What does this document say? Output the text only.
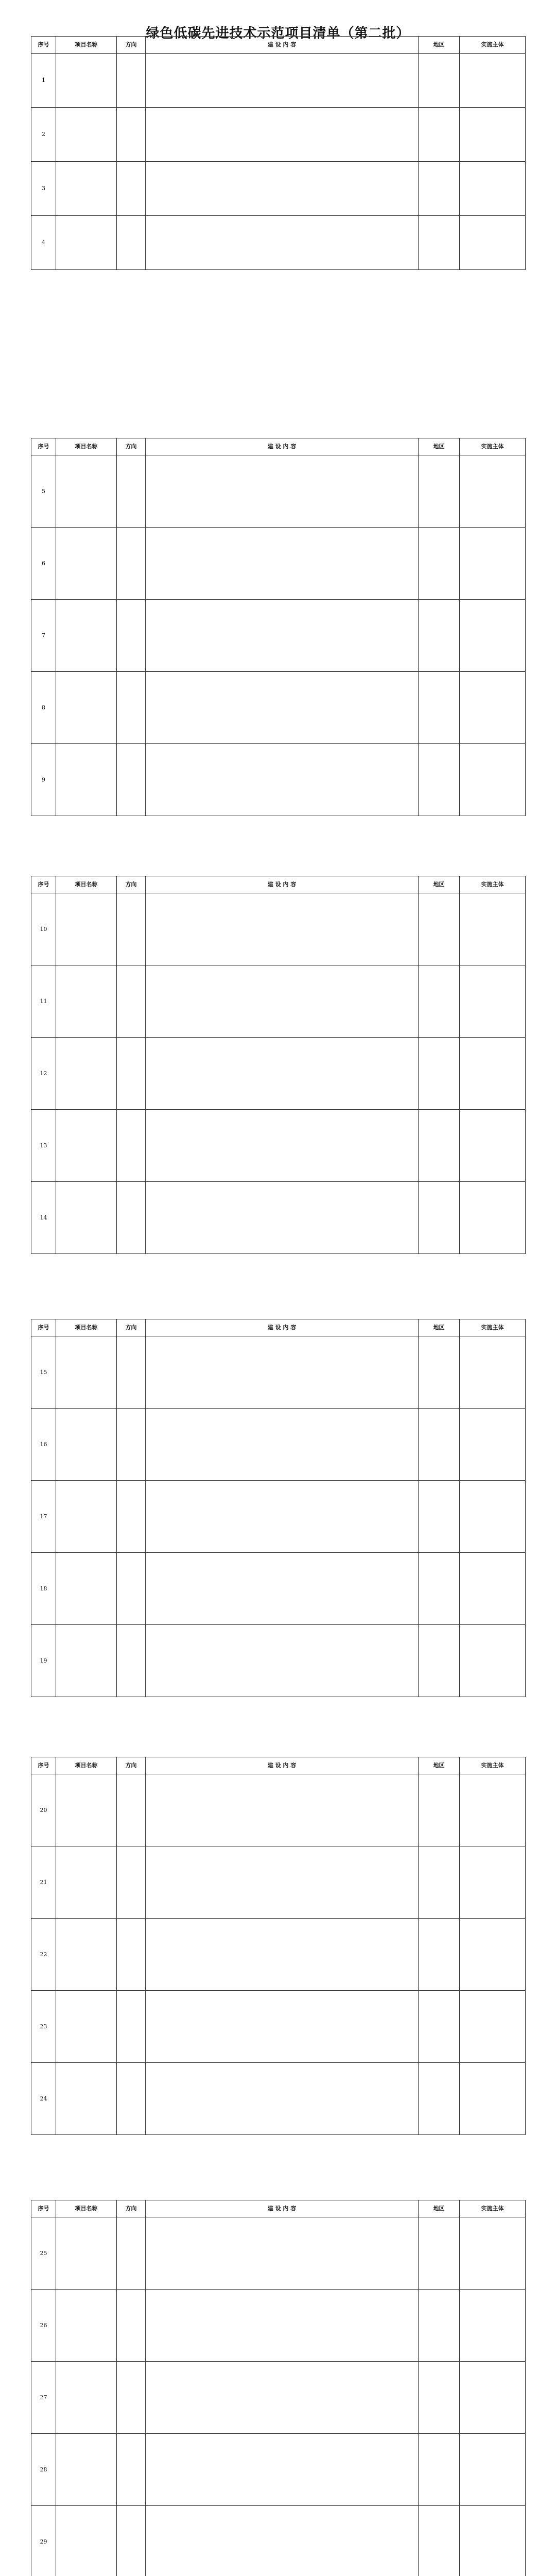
绿色低碳先进技术示范项目清单（第二批）
序号	项目名称	方向	建 设 内 容	地区	实施主体
1					
2					
3					
4					
序号	项目名称	方向	建 设 内 容	地区	实施主体
5					
6					
7					
8					
9					
序号	项目名称	方向	建 设 内 容	地区	实施主体
10					
11					
12					
13					
14					
序号	项目名称	方向	建 设 内 容	地区	实施主体
15					
16					
17					
18					
19					
序号	项目名称	方向	建 设 内 容	地区	实施主体
20					
21					
22					
23					
24					
序号	项目名称	方向	建 设 内 容	地区	实施主体
25					
26					
27					
28					
29					
